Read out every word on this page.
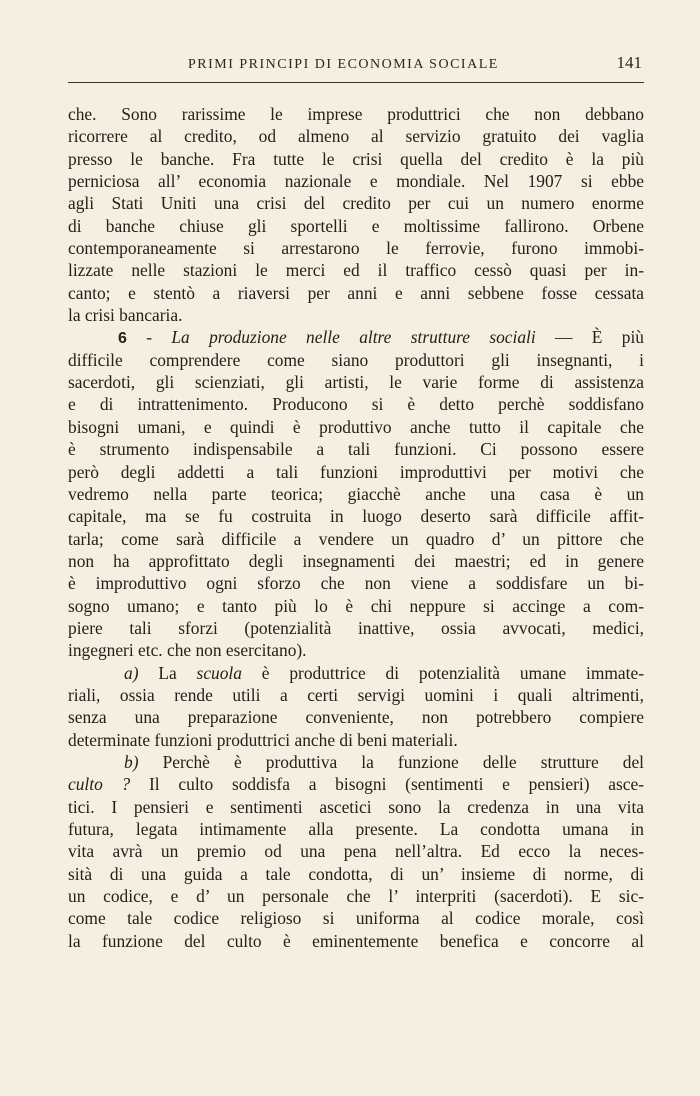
PRIMI PRINCIPI DI ECONOMIA SOCIALE	141
che. Sono rarissime le imprese produttrici che non debbano
ricorrere al credito, od almeno al servizio gratuito dei vaglia
presso le banche. Fra tutte le crisi quella del credito è la più
perniciosa all’ economia nazionale e mondiale. Nel 1907 si ebbe
agli Stati Uniti una crisi del credito per cui un numero enorme
di banche chiuse gli sportelli e moltissime fallirono. Orbene
contemporaneamente si arrestarono le ferrovie, furono immobi-
lizzate nelle stazioni le merci ed il traffico cessò quasi per in-
canto; e stentò a riaversi per anni e anni sebbene fosse cessata
la crisi bancaria.
6 - La produzione nelle altre strutture sociali — È più
difficile comprendere come siano produttori gli insegnanti, i
sacerdoti, gli scienziati, gli artisti, le varie forme di assistenza
e di intrattenimento. Producono si è detto perchè soddisfano
bisogni umani, e quindi è produttivo anche tutto il capitale che
è strumento indispensabile a tali funzioni. Ci possono essere
però degli addetti a tali funzioni improduttivi per motivi che
vedremo nella parte teorica; giacchè anche una casa è un
capitale, ma se fu costruita in luogo deserto sarà difficile affit-
tarla; come sarà difficile a vendere un quadro d’ un pittore che
non ha approfittato degli insegnamenti dei maestri; ed in genere
è improduttivo ogni sforzo che non viene a soddisfare un bi-
sogno umano; e tanto più lo è chi neppure si accinge a com-
piere tali sforzi (potenzialità inattive, ossia avvocati, medici,
ingegneri etc. che non esercitano).
a) La scuola è produttrice di potenzialità umane immate-
riali, ossia rende utili a certi servigi uomini i quali altrimenti,
senza una preparazione conveniente, non potrebbero compiere
determinate funzioni produttrici anche di beni materiali.
b) Perchè è produttiva la funzione delle strutture del
culto ? Il culto soddisfa a bisogni (sentimenti e pensieri) asce-
tici. I pensieri e sentimenti ascetici sono la credenza in una vita
futura, legata intimamente alla presente. La condotta umana in
vita avrà un premio od una pena nell’altra. Ed ecco la neces-
sità di una guida a tale condotta, di un’ insieme di norme, di
un codice, e d’ un personale che l’ interpriti (sacerdoti). E sic-
come tale codice religioso si uniforma al codice morale, così
la funzione del culto è eminentemente benefica e concorre al
